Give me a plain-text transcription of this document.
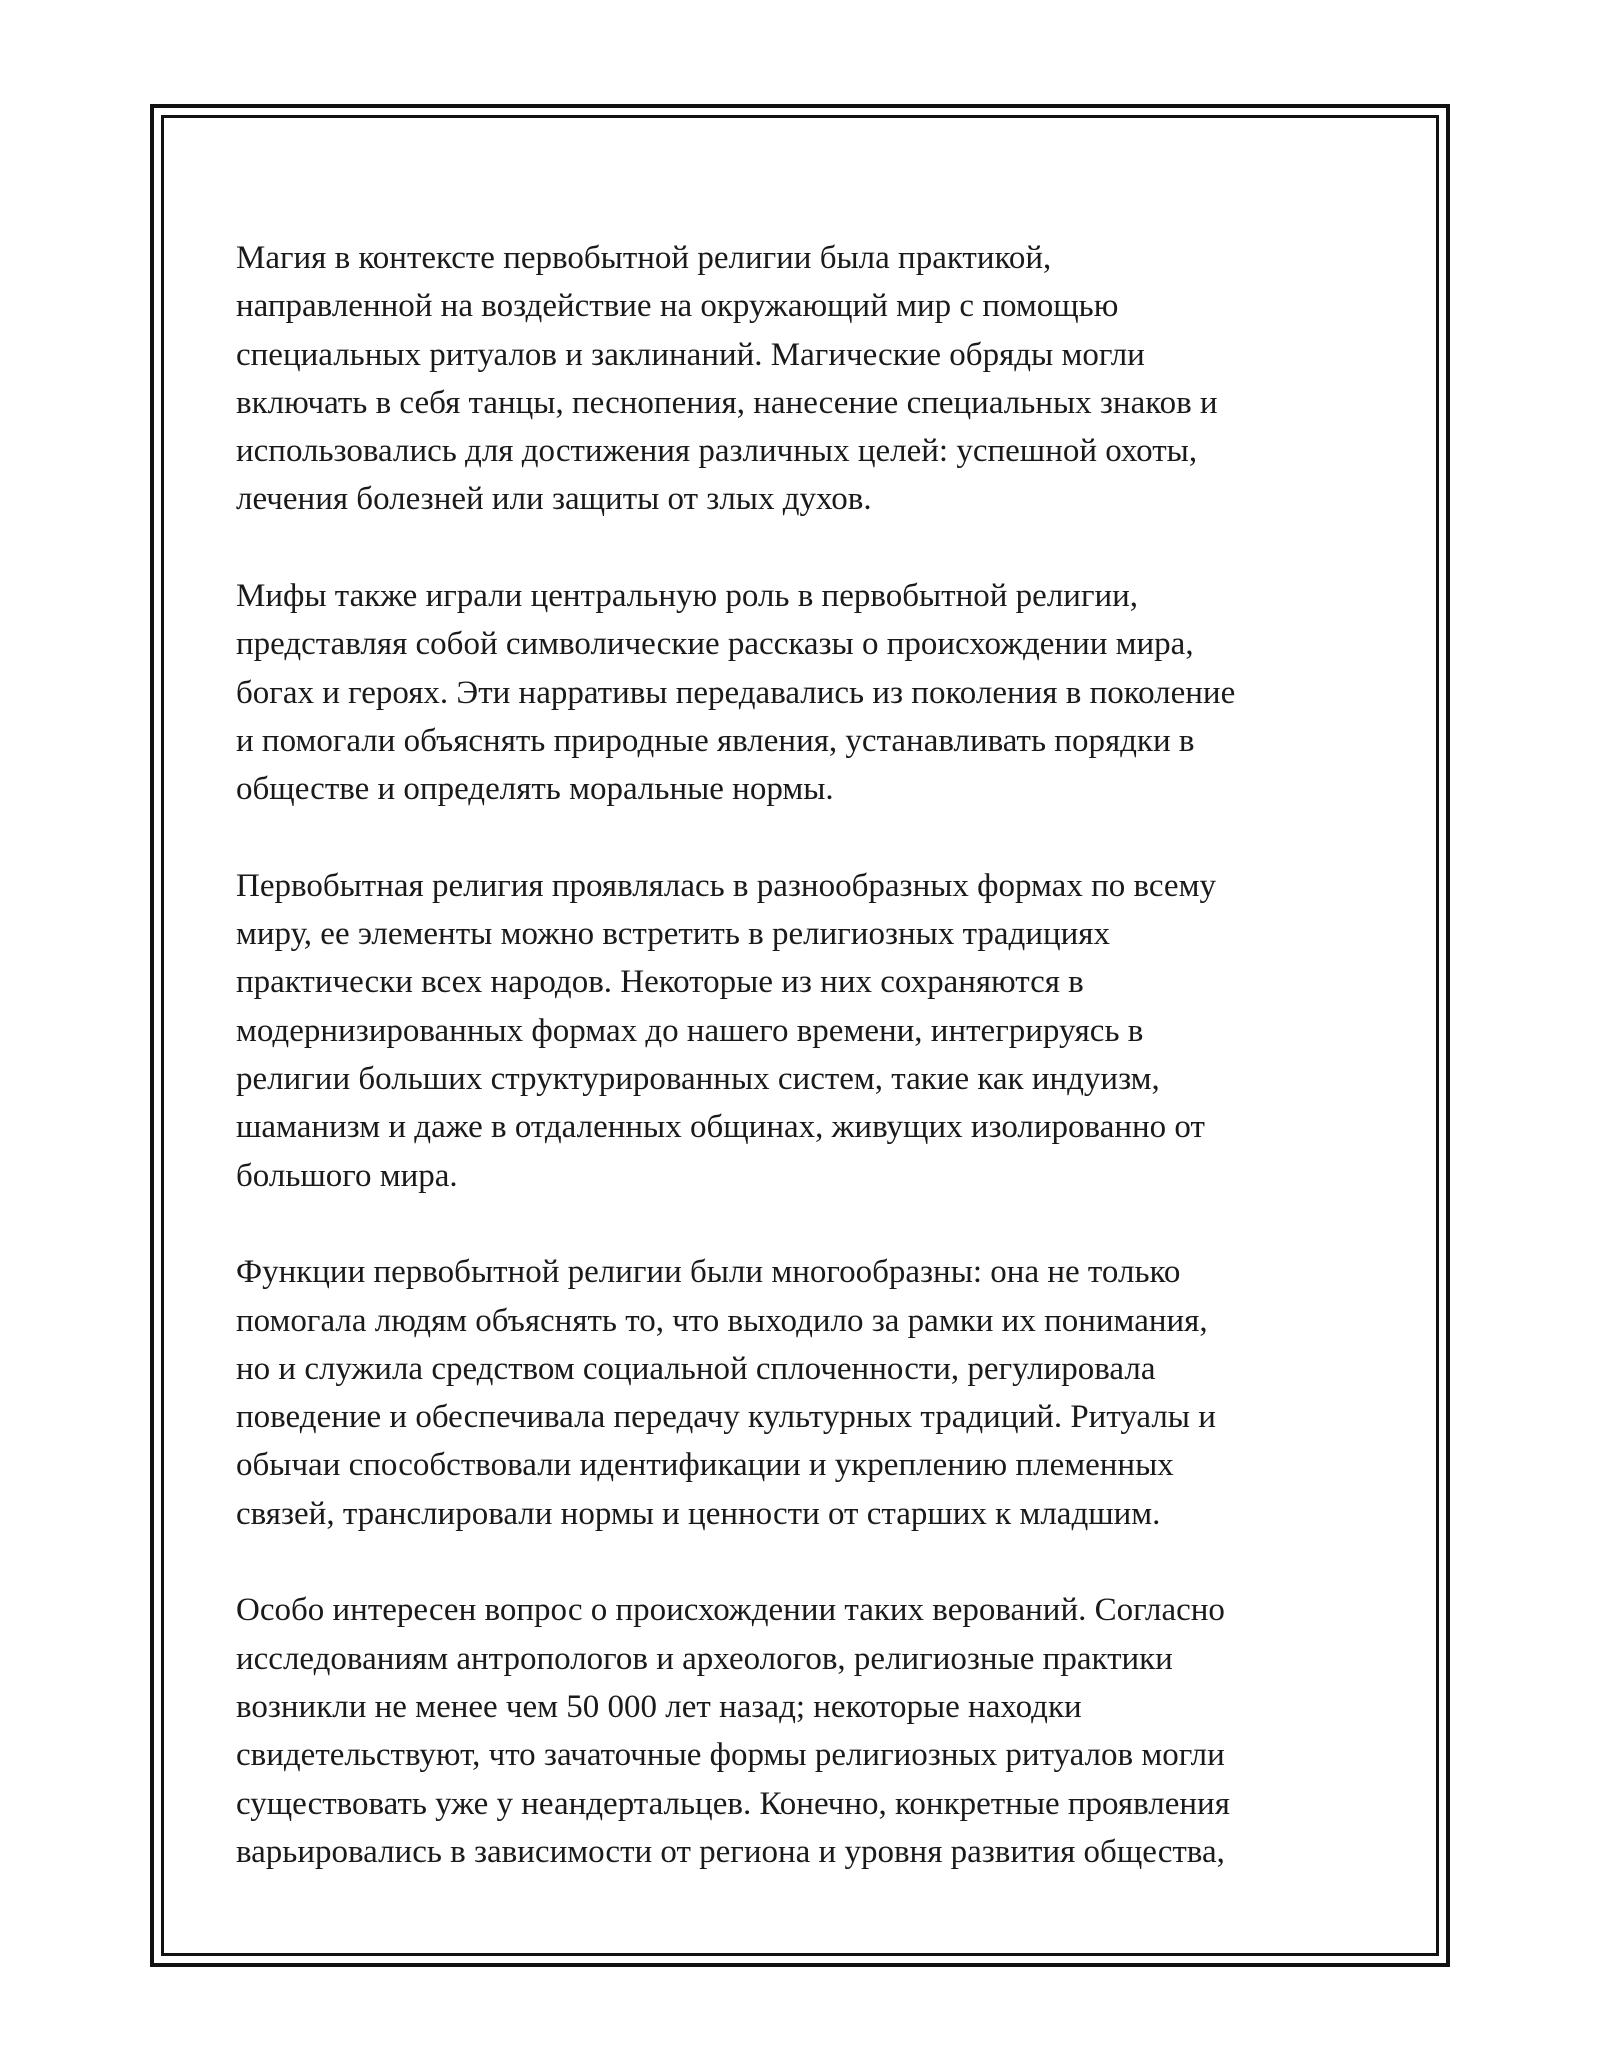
Магия в контексте первобытной религии была практикой,
направленной на воздействие на окружающий мир с помощью
специальных ритуалов и заклинаний. Магические обряды могли
включать в себя танцы, песнопения, нанесение специальных знаков и
использовались для достижения различных целей: успешной охоты,
лечения болезней или защиты от злых духов.

Мифы также играли центральную роль в первобытной религии,
представляя собой символические рассказы о происхождении мира,
богах и героях. Эти нарративы передавались из поколения в поколение
и помогали объяснять природные явления, устанавливать порядки в
обществе и определять моральные нормы.

Первобытная религия проявлялась в разнообразных формах по всему
миру, ее элементы можно встретить в религиозных традициях
практически всех народов. Некоторые из них сохраняются в
модернизированных формах до нашего времени, интегрируясь в
религии больших структурированных систем, такие как индуизм,
шаманизм и даже в отдаленных общинах, живущих изолированно от
большого мира.

Функции первобытной религии были многообразны: она не только
помогала людям объяснять то, что выходило за рамки их понимания,
но и служила средством социальной сплоченности, регулировала
поведение и обеспечивала передачу культурных традиций. Ритуалы и
обычаи способствовали идентификации и укреплению племенных
связей, транслировали нормы и ценности от старших к младшим.

Особо интересен вопрос о происхождении таких верований. Согласно
исследованиям антропологов и археологов, религиозные практики
возникли не менее чем 50 000 лет назад; некоторые находки
свидетельствуют, что зачаточные формы религиозных ритуалов могли
существовать уже у неандертальцев. Конечно, конкретные проявления
варьировались в зависимости от региона и уровня развития общества,
